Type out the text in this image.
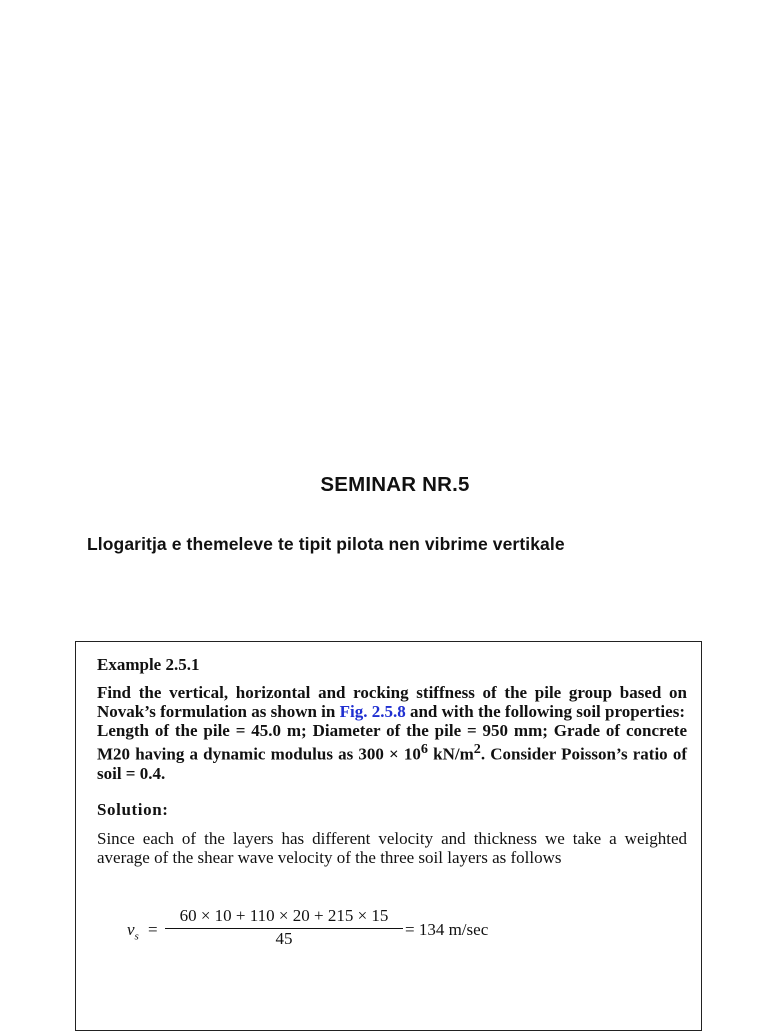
SEMINAR NR.5
Llogaritja e themeleve te tipit pilota nen vibrime vertikale
Example 2.5.1

Find the vertical, horizontal and rocking stiffness of the pile group based on Novak’s formulation as shown in Fig. 2.5.8 and with the following soil properties:

Length of the pile = 45.0 m; Diameter of the pile = 950 mm; Grade of concrete M20 having a dynamic modulus as $300 \times 10^6$ $kN/m^2$. Consider Poisson’s ratio of soil = 0.4.

Solution:
Since each of the layers has different velocity and thickness we take a weighted average of the shear wave velocity of the three soil layers as follows
$v_s$ =
60 × 10 + 110 × 20 + 215 × 15
45	= 134 m/sec
